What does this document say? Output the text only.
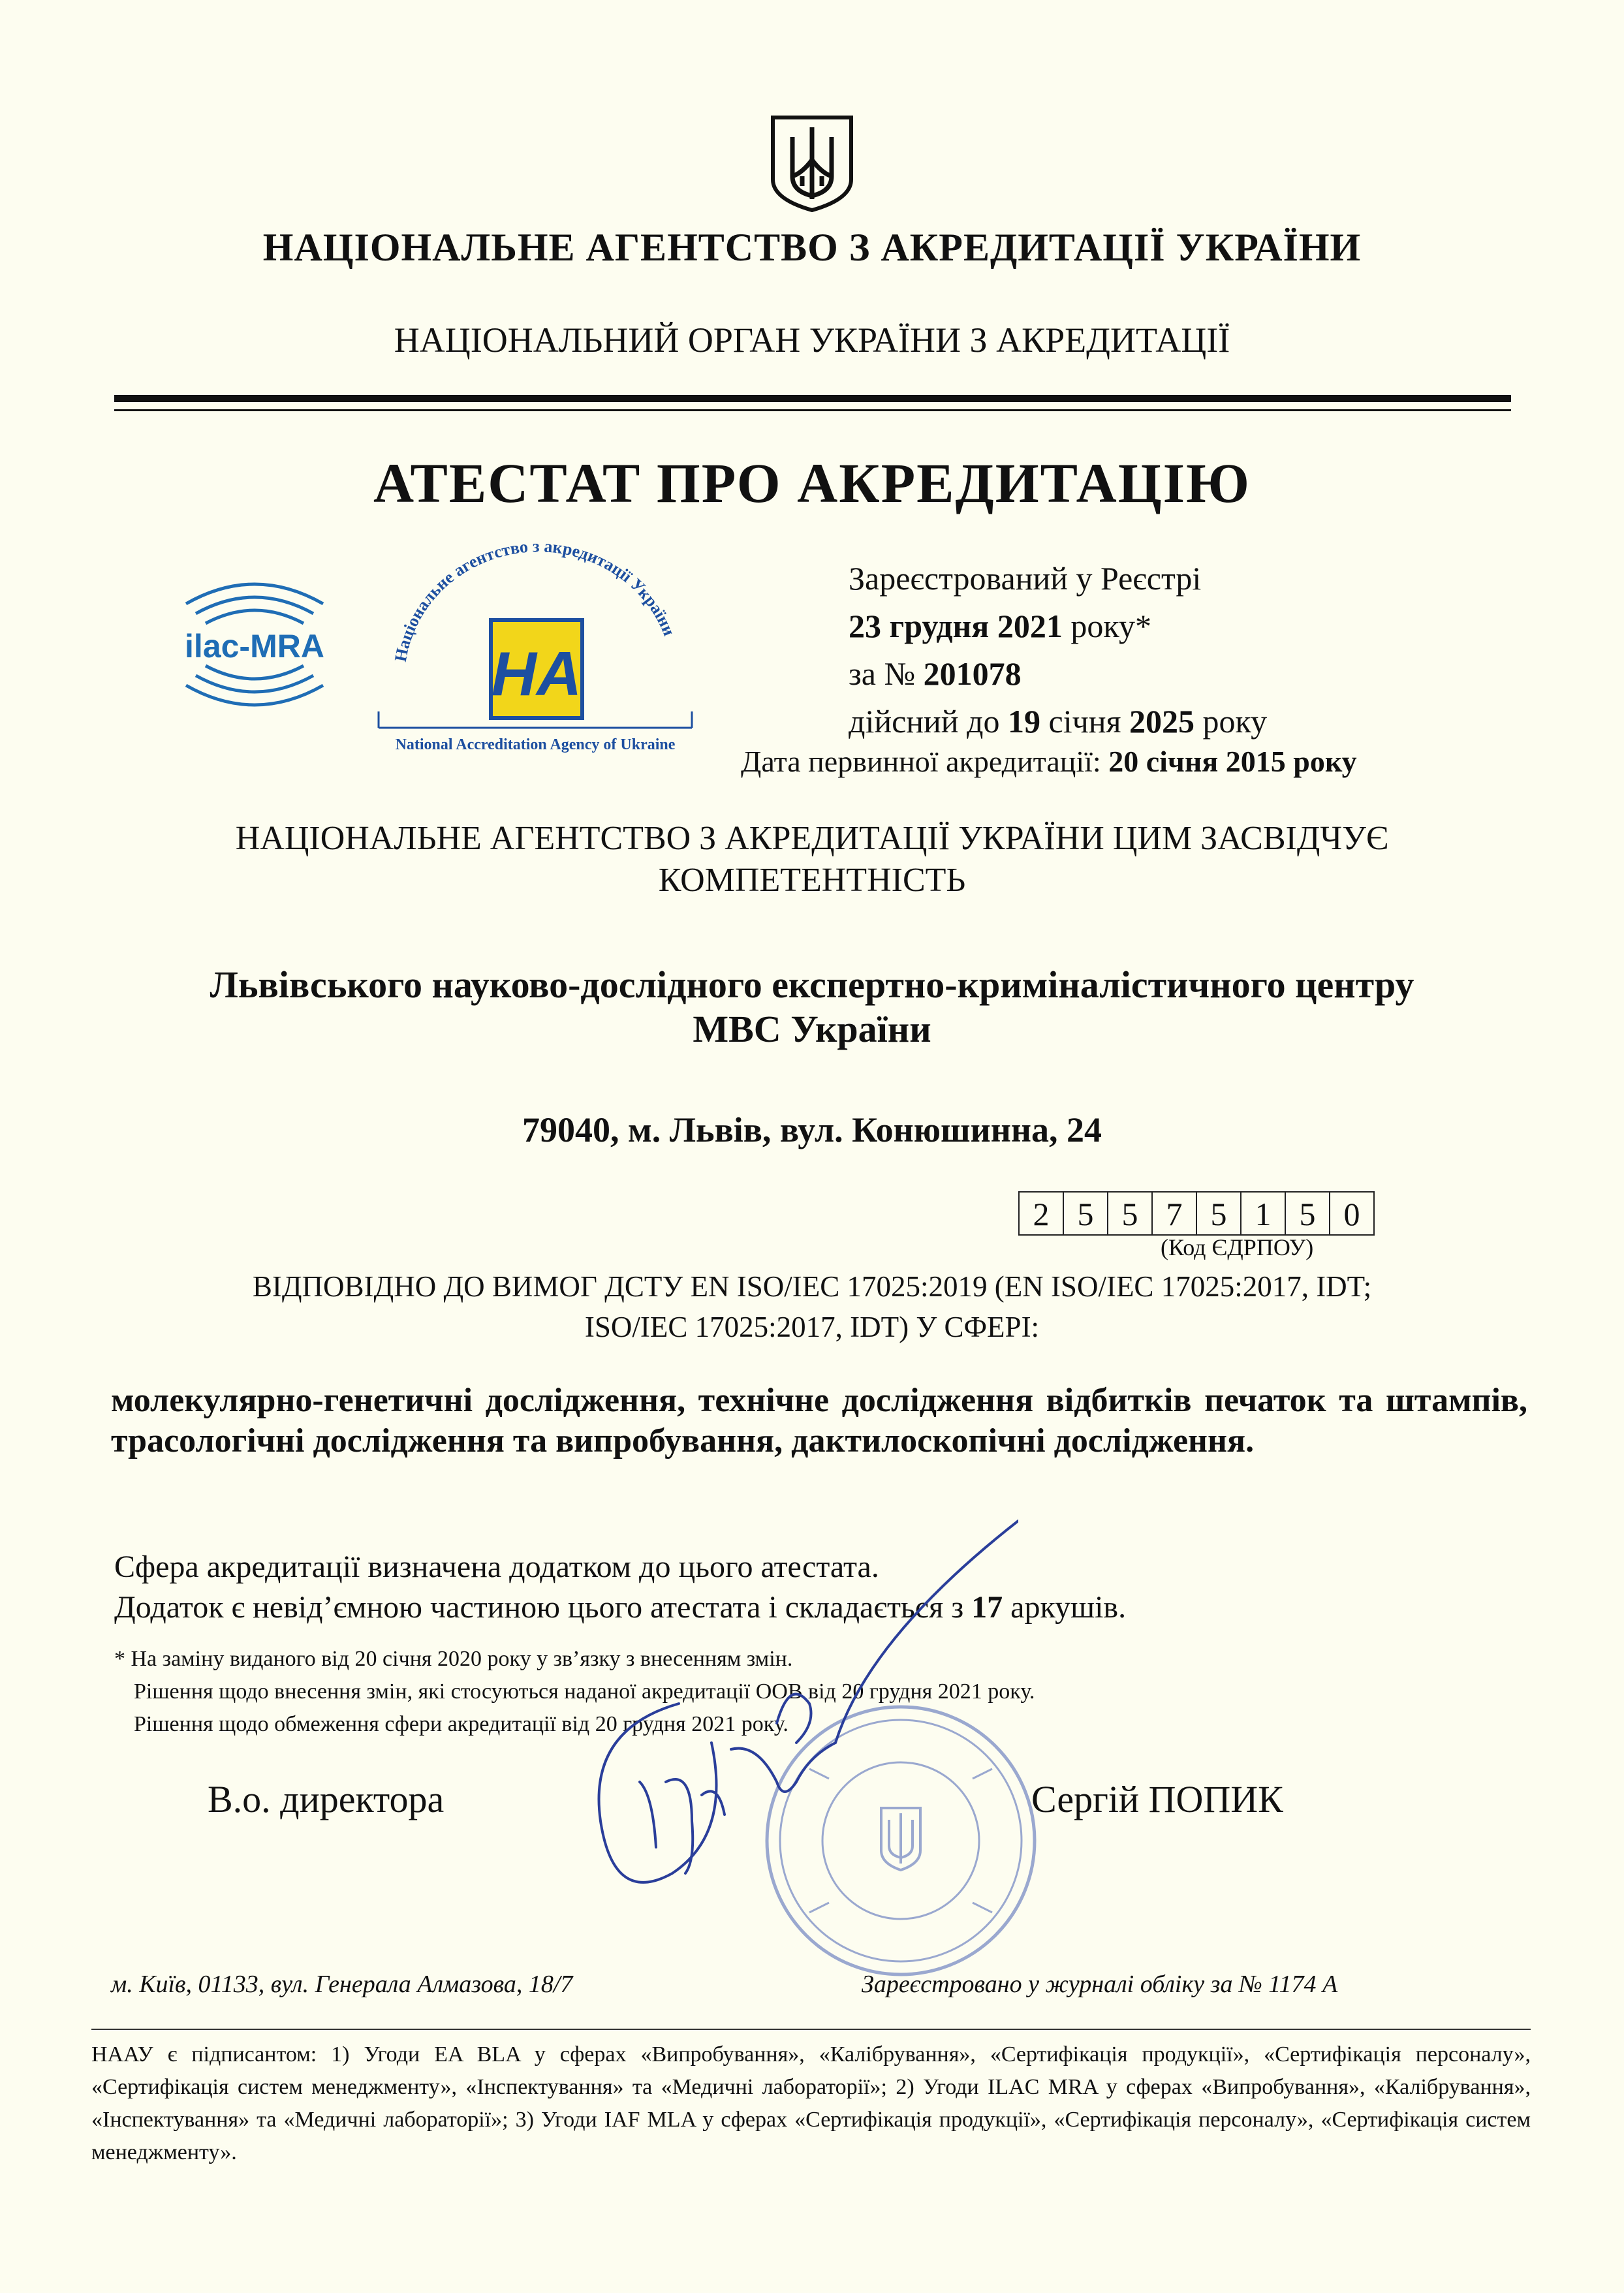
НАЦІОНАЛЬНЕ АГЕНТСТВО З АКРЕДИТАЦІЇ УКРАЇНИ
НАЦІОНАЛЬНИЙ ОРГАН УКРАЇНИ З АКРЕДИТАЦІЇ
АТЕСТАТ ПРО АКРЕДИТАЦІЮ
ilac-MRA	Національне агентство з акредитації України
НА
National Accreditation Agency of Ukraine
Зареєстрований у Реєстрі
23 грудня 2021 року*
за № 201078
дійсний до 19 січня 2025 року
Дата первинної акредитації: 20 січня 2015 року
НАЦІОНАЛЬНЕ АГЕНТСТВО З АКРЕДИТАЦІЇ УКРАЇНИ ЦИМ ЗАСВІДЧУЄ
КОМПЕТЕНТНІСТЬ
Львівського науково-дослідного експертно-криміналістичного центру
МВС України
79040, м. Львів, вул. Конюшинна, 24
2 5 5 7 5 1 5 0
(Код ЄДРПОУ)
ВІДПОВІДНО ДО ВИМОГ ДСТУ EN ISO/IEC 17025:2019 (EN ISO/IEC 17025:2017, IDT;
ISO/IEC 17025:2017, IDT) У СФЕРІ:
молекулярно-генетичні дослідження, технічне дослідження відбитків печаток та штампів, трасологічні дослідження та випробування, дактилоскопічні дослідження.
Сфера акредитації визначена додатком до цього атестата.
Додаток є невід’ємною частиною цього атестата і складається з 17 аркушів.
* На заміну виданого від 20 січня 2020 року у зв’язку з внесенням змін.
Рішення щодо внесення змін, які стосуються наданої акредитації ООВ від 20 грудня 2021 року.
Рішення щодо обмеження сфери акредитації від 20 грудня 2021 року.
В.о. директора	Сергій ПОПИК
м. Київ, 01133, вул. Генерала Алмазова, 18/7	Зареєстровано у журналі обліку за № 1174 А
НААУ є підписантом: 1) Угоди EA BLA у сферах «Випробування», «Калібрування», «Сертифікація продукції», «Сертифікація персоналу», «Сертифікація систем менеджменту», «Інспектування» та «Медичні лабораторії»; 2) Угоди ILAC MRA у сферах «Випробування», «Калібрування», «Інспектування» та «Медичні лабораторії»; 3) Угоди IAF MLA у сферах «Сертифікація продукції», «Сертифікація персоналу», «Сертифікація систем менеджменту».
